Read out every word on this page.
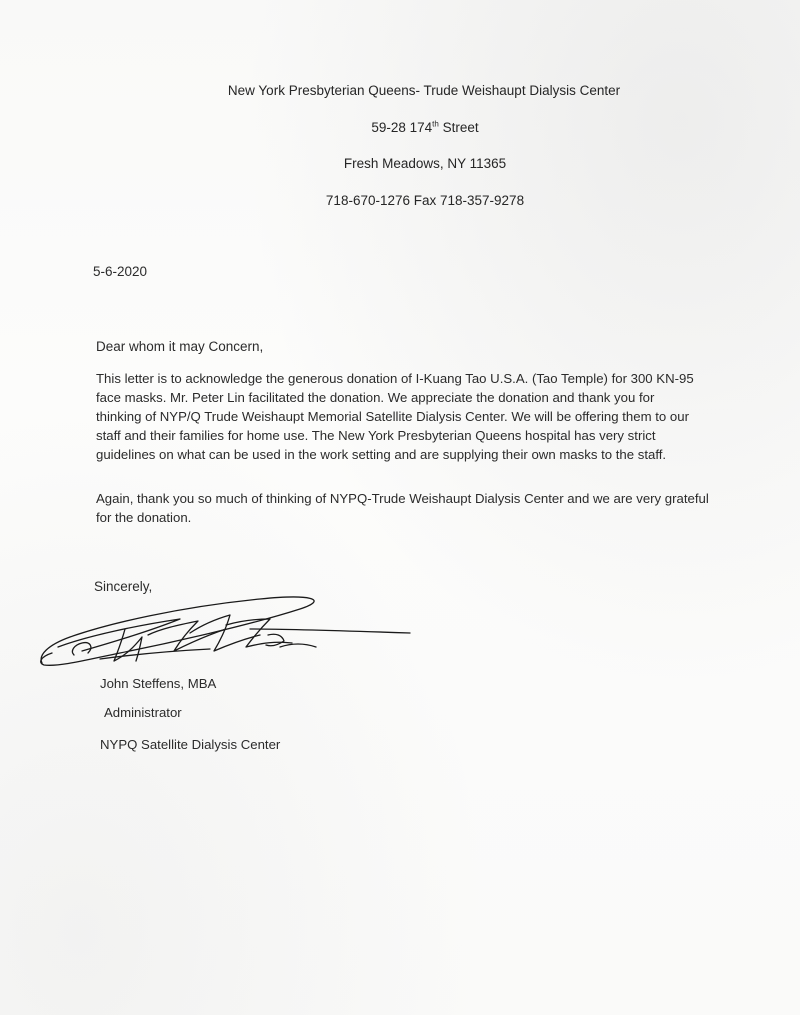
New York Presbyterian Queens- Trude Weishaupt Dialysis Center
59-28 174th Street
Fresh Meadows, NY 11365
718-670-1276 Fax 718-357-9278
5-6-2020
Dear whom it may Concern,
This letter is to acknowledge the generous donation of I-Kuang Tao U.S.A. (Tao Temple) for 300 KN-95
face masks. Mr. Peter Lin facilitated the donation. We appreciate the donation and thank you for
thinking of NYP/Q Trude Weishaupt Memorial Satellite Dialysis Center. We will be offering them to our
staff and their families for home use. The New York Presbyterian Queens hospital has very strict
guidelines on what can be used in the work setting and are supplying their own masks to the staff.
Again, thank you so much of thinking of NYPQ-Trude Weishaupt Dialysis Center and we are very grateful
for the donation.
Sincerely,
John Steffens, MBA
Administrator
NYPQ Satellite Dialysis Center
